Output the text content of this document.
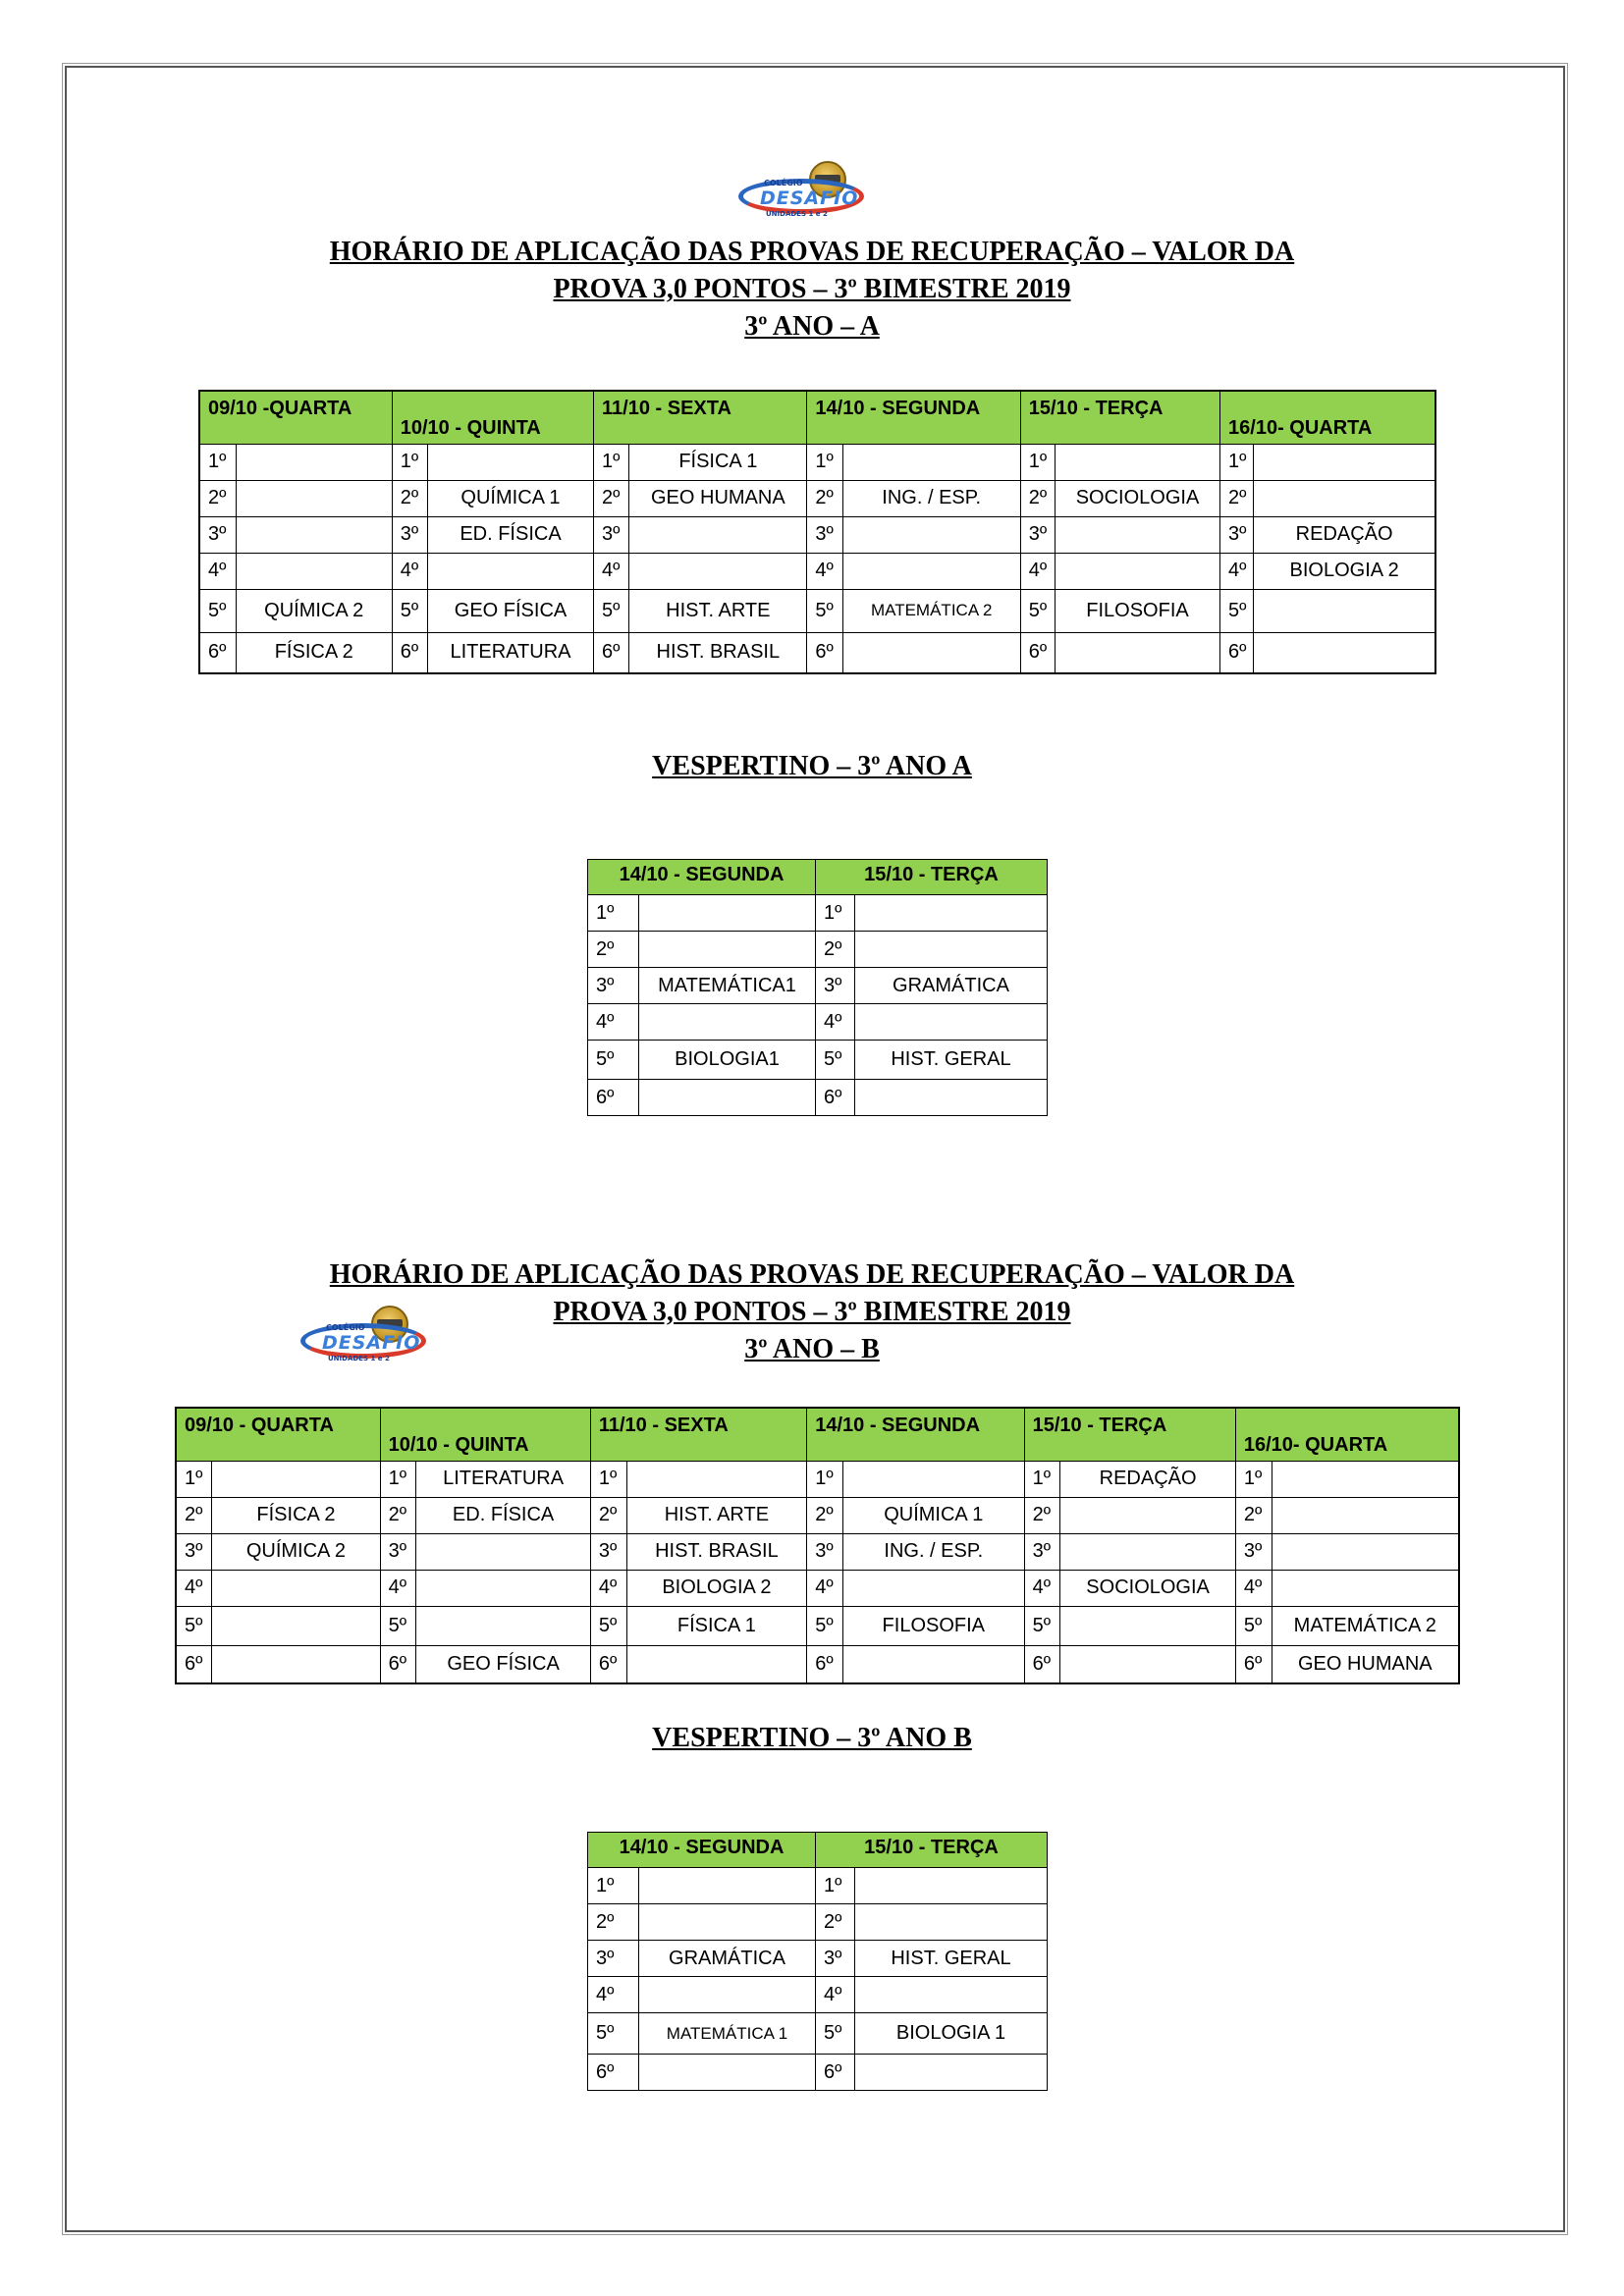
COLÉGIO
DESAFIO
UNIDADES 1 e 2
HORÁRIO DE APLICAÇÃO DAS PROVAS DE RECUPERAÇÃO – VALOR DA
PROVA 3,0 PONTOS – 3º BIMESTRE 2019
3º ANO – A
09/10 -QUARTA		10/10 - QUINTA		11/10 - SEXTA		14/10 - SEGUNDA		15/10 - TERÇA		16/10- QUARTA	
1º		1º		1º	FÍSICA 1	1º		1º		1º	
2º		2º	QUÍMICA 1	2º	GEO HUMANA	2º	ING. / ESP.	2º	SOCIOLOGIA	2º	
3º		3º	ED. FÍSICA	3º		3º		3º		3º	REDAÇÃO
4º		4º		4º		4º		4º		4º	BIOLOGIA 2
5º	QUÍMICA 2	5º	GEO FÍSICA	5º	HIST. ARTE	5º	MATEMÁTICA 2	5º	FILOSOFIA	5º	
6º	FÍSICA 2	6º	LITERATURA	6º	HIST. BRASIL	6º		6º		6º	
VESPERTINO – 3º ANO A
14/10 - SEGUNDA		15/10 - TERÇA	
1º		1º	
2º		2º	
3º	MATEMÁTICA1	3º	GRAMÁTICA
4º		4º	
5º	BIOLOGIA1	5º	HIST. GERAL
6º		6º	
COLÉGIO
DESAFIO
UNIDADES 1 e 2
HORÁRIO DE APLICAÇÃO DAS PROVAS DE RECUPERAÇÃO – VALOR DA
PROVA 3,0 PONTOS – 3º BIMESTRE 2019
3º ANO – B
09/10 - QUARTA		10/10 - QUINTA		11/10 - SEXTA		14/10 - SEGUNDA		15/10 - TERÇA		16/10- QUARTA	
1º		1º	LITERATURA	1º		1º		1º	REDAÇÃO	1º	
2º	FÍSICA 2	2º	ED. FÍSICA	2º	HIST. ARTE	2º	QUÍMICA 1	2º		2º	
3º	QUÍMICA 2	3º		3º	HIST. BRASIL	3º	ING. / ESP.	3º		3º	
4º		4º		4º	BIOLOGIA 2	4º		4º	SOCIOLOGIA	4º	
5º		5º		5º	FÍSICA 1	5º	FILOSOFIA	5º		5º	MATEMÁTICA 2
6º		6º	GEO FÍSICA	6º		6º		6º		6º	GEO HUMANA
VESPERTINO – 3º ANO B
14/10 - SEGUNDA		15/10 - TERÇA	
1º		1º	
2º		2º	
3º	GRAMÁTICA	3º	HIST. GERAL
4º		4º	
5º	MATEMÁTICA 1	5º	BIOLOGIA 1
6º		6º	
